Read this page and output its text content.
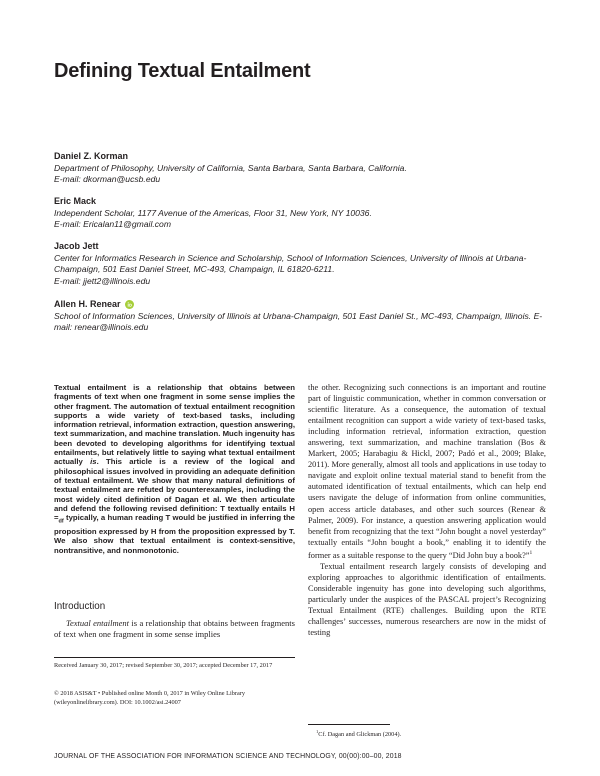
Defining Textual Entailment
Daniel Z. Korman
Department of Philosophy, University of California, Santa Barbara, Santa Barbara, California.
E-mail: dkorman@ucsb.edu
Eric Mack
Independent Scholar, 1177 Avenue of the Americas, Floor 31, New York, NY 10036.
E-mail: Ericalan11@gmail.com
Jacob Jett
Center for Informatics Research in Science and Scholarship, School of Information Sciences, University of Illinois at Urbana-Champaign, 501 East Daniel Street, MC-493, Champaign, IL 61820-6211.
E-mail: jjett2@illinois.edu
Allen H. Renear
School of Information Sciences, University of Illinois at Urbana-Champaign, 501 East Daniel St., MC-493, Champaign, Illinois. E-mail: renear@illinois.edu
Textual entailment is a relationship that obtains between fragments of text when one fragment in some sense implies the other fragment. The automation of textual entailment recognition supports a wide variety of text-based tasks, including information retrieval, information extraction, question answering, text summarization, and machine translation. Much ingenuity has been devoted to developing algorithms for identifying textual entailments, but relatively little to saying what textual entailment actually is. This article is a review of the logical and philosophical issues involved in providing an adequate definition of textual entailment. We show that many natural definitions of textual entailment are refuted by counterexamples, including the most widely cited definition of Dagan et al. We then articulate and defend the following revised definition: T textually entails $H =_{df}$ typically, a human reading T would be justified in inferring the proposition expressed by H from the proposition expressed by T. We also show that textual entailment is context-sensitive, nontransitive, and nonmonotonic.
Introduction
Textual entailment is a relationship that obtains between fragments of text when one fragment in some sense implies
Received January 30, 2017; revised September 30, 2017; accepted December 17, 2017
© 2018 ASIS&T • Published online Month 0, 2017 in Wiley Online Library (wileyonlinelibrary.com). DOI: 10.1002/asi.24007

the other. Recognizing such connections is an important and routine part of linguistic communication, whether in common conversation or scientific literature. As a consequence, the automation of textual entailment recognition can support a wide variety of text-based tasks, including information retrieval, information extraction, question answering, text summarization, and machine translation (Bos & Markert, 2005; Harabagiu & Hickl, 2007; Padó et al., 2009; Blake, 2011). More generally, almost all tools and applications in use today to navigate and exploit online textual material stand to benefit from the automated identification of textual entailments, which can help end users navigate the deluge of information from online communities, open access article databases, and other such sources (Renear & Palmer, 2009). For instance, a question answering application would benefit from recognizing that the text “John bought a novel yesterday” textually entails “John bought a book,” enabling it to identify the former as a suitable response to the query “Did John buy a book?”$^1$

Textual entailment research largely consists of developing and exploring approaches to algorithmic identification of entailments. Considerable ingenuity has gone into developing such algorithms, particularly under the auspices of the PASCAL project’s Recognizing Textual Entailment (RTE) challenges. Building upon the RTE challenges’ successes, numerous researchers are now in the midst of testing

$^1$Cf. Dagan and Glickman (2004).
JOURNAL OF THE ASSOCIATION FOR INFORMATION SCIENCE AND TECHNOLOGY, 00(00):00–00, 2018
